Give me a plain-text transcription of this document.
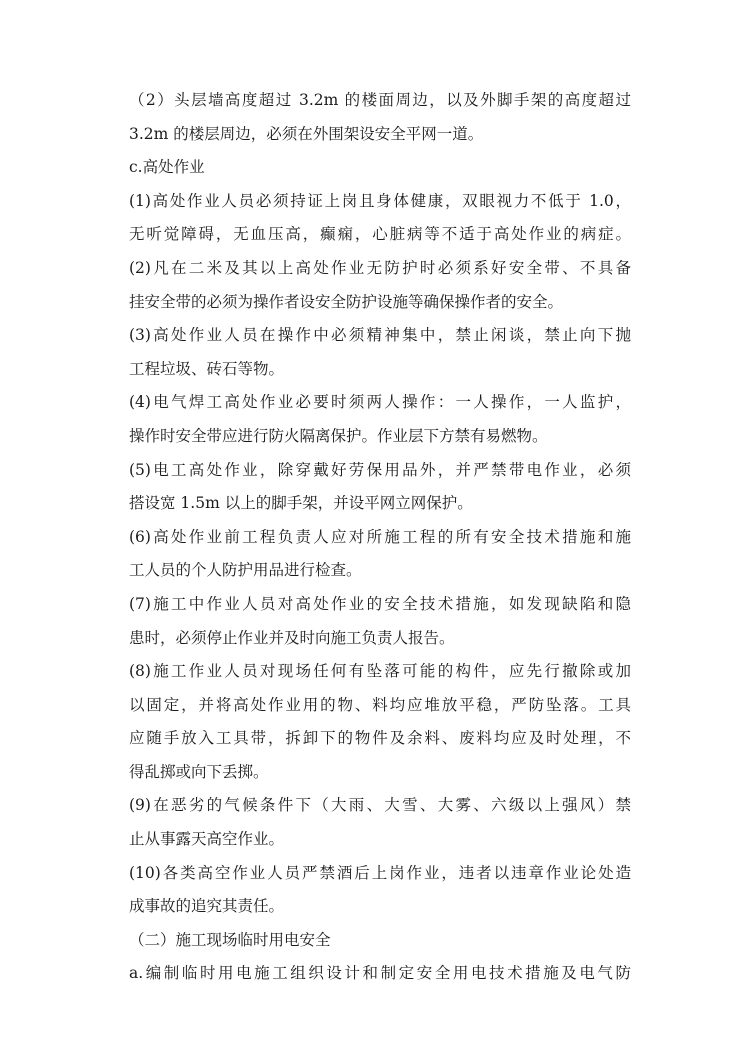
（2）头层墙高度超过 3.2m 的楼面周边，以及外脚手架的高度超过
3.2m 的楼层周边，必须在外围架设安全平网一道。
c.高处作业
(1)高处作业人员必须持证上岗且身体健康，双眼视力不低于 1.0，
无听觉障碍，无血压高，癫痫，心脏病等不适于高处作业的病症。
(2)凡在二米及其以上高处作业无防护时必须系好安全带、不具备
挂安全带的必须为操作者设安全防护设施等确保操作者的安全。
(3)高处作业人员在操作中必须精神集中，禁止闲谈，禁止向下抛
工程垃圾、砖石等物。
(4)电气焊工高处作业必要时须两人操作：一人操作，一人监护，
操作时安全带应进行防火隔离保护。作业层下方禁有易燃物。
(5)电工高处作业，除穿戴好劳保用品外，并严禁带电作业，必须
搭设宽 1.5m 以上的脚手架，并设平网立网保护。
(6)高处作业前工程负责人应对所施工程的所有安全技术措施和施
工人员的个人防护用品进行检查。
(7)施工中作业人员对高处作业的安全技术措施，如发现缺陷和隐
患时，必须停止作业并及时向施工负责人报告。
(8)施工作业人员对现场任何有坠落可能的构件，应先行撤除或加
以固定，并将高处作业用的物、料均应堆放平稳，严防坠落。工具
应随手放入工具带，拆卸下的物件及余料、废料均应及时处理，不
得乱掷或向下丢掷。
(9)在恶劣的气候条件下（大雨、大雪、大雾、六级以上强风）禁
止从事露天高空作业。
(10)各类高空作业人员严禁酒后上岗作业，违者以违章作业论处造
成事故的追究其责任。
（二）施工现场临时用电安全
a.编制临时用电施工组织设计和制定安全用电技术措施及电气防
